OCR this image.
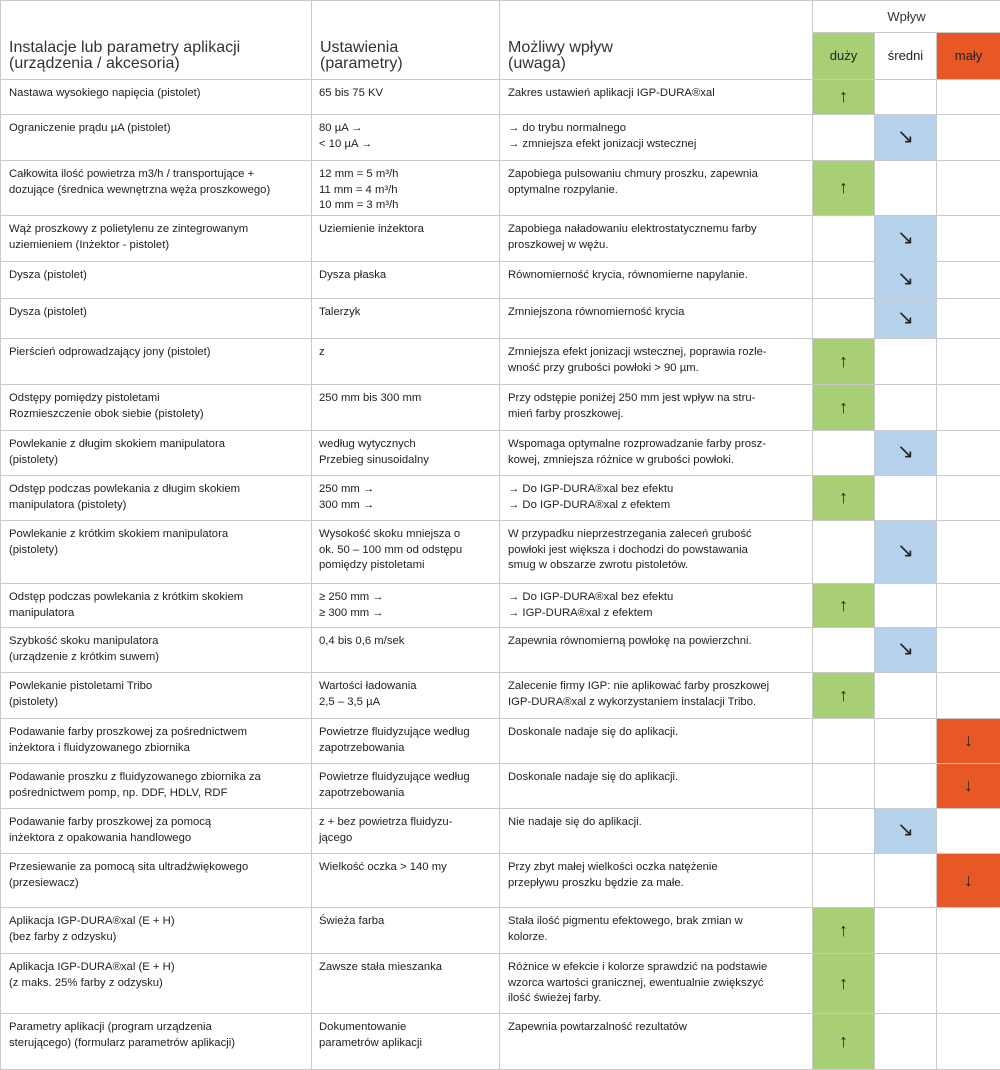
Instalacje lub parametry aplikacji
(urządzenia / akcesoria)	Ustawienia
(parametry)	Możliwy wpływ
(uwaga)	Wpływ		
			duży	średni	mały

Nastawa wysokiego napięcia (pistolet)	65 bis 75 KV	Zakres ustawień aplikacji IGP-DURA®xal	↑		

Ograniczenie prądu µA (pistolet)	80 µA →
< 10 µA →	→ do trybu normalnego
→ zmniejsza efekt jonizacji wstecznej		↘	

Całkowita ilość powietrza m3/h / transportujące +
dozujące (średnica wewnętrzna węża proszkowego)	12 mm = 5 m³/h
11 mm = 4 m³/h
10 mm = 3 m³/h	Zapobiega pulsowaniu chmury proszku, zapewnia
optymalne rozpylanie.	↑		

Wąż proszkowy z polietylenu ze zintegrowanym
uziemieniem (Inżektor - pistolet)	Uziemienie inżektora	Zapobiega naładowaniu elektrostatycznemu farby
proszkowej w wężu.		↘	

Dysza (pistolet)	Dysza płaska	Równomierność krycia, równomierne napylanie.		↘	

Dysza (pistolet)	Talerzyk	Zmniejszona równomierność krycia		↘	

Pierścień odprowadzający jony (pistolet)	z	Zmniejsza efekt jonizacji wstecznej, poprawia rozle-
wność przy grubości powłoki > 90 µm.	↑		

Odstępy pomiędzy pistoletami
Rozmieszczenie obok siebie (pistolety)	250 mm bis 300 mm	Przy odstępie poniżej 250 mm jest wpływ na stru-
mień farby proszkowej.	↑		

Powlekanie z długim skokiem manipulatora
(pistolety)	według wytycznych
Przebieg sinusoidalny	Wspomaga optymalne rozprowadzanie farby prosz-
kowej, zmniejsza różnice w grubości powłoki.		↘	

Odstęp podczas powlekania z długim skokiem
manipulatora (pistolety)	250 mm →
300 mm →	→ Do IGP-DURA®xal bez efektu
→ Do IGP-DURA®xal z efektem	↑		

Powlekanie z krótkim skokiem manipulatora
(pistolety)	Wysokość skoku mniejsza o
ok. 50 – 100 mm od odstępu
pomiędzy pistoletami	W przypadku nieprzestrzegania zaleceń grubość
powłoki jest większa i dochodzi do powstawania
smug w obszarze zwrotu pistoletów.		↘	

Odstęp podczas powlekania z krótkim skokiem
manipulatora	≥ 250 mm →
≥ 300 mm →	→ Do IGP-DURA®xal bez efektu
→ IGP-DURA®xal z efektem	↑		

Szybkość skoku manipulatora
(urządzenie z krótkim suwem)	0,4 bis 0,6 m/sek	Zapewnia równomierną powłokę na powierzchni.		↘	

Powlekanie pistoletami Tribo
(pistolety)	Wartości ładowania
2,5 – 3,5 µA	Zalecenie firmy IGP: nie aplikować farby proszkowej
IGP-DURA®xal z wykorzystaniem instalacji Tribo.	↑		

Podawanie farby proszkowej za pośrednictwem
inżektora i fluidyzowanego zbiornika	Powietrze fluidyzujące według
zapotrzebowania	Doskonale nadaje się do aplikacji.			↓

Podawanie proszku z fluidyzowanego zbiornika za
pośrednictwem pomp, np. DDF, HDLV, RDF	Powietrze fluidyzujące według
zapotrzebowania	Doskonale nadaje się do aplikacji.			↓

Podawanie farby proszkowej za pomocą
inżektora z opakowania handlowego	z + bez powietrza fluidyzu-
jącego	Nie nadaje się do aplikacji.		↘	

Przesiewanie za pomocą sita ultradźwiękowego
(przesiewacz)	Wielkość oczka > 140 my	Przy zbyt małej wielkości oczka natężenie
przepływu proszku będzie za małe.			↓

Aplikacja IGP-DURA®xal (E + H)
(bez farby z odzysku)	Świeża farba	Stała ilość pigmentu efektowego, brak zmian w
kolorze.	↑		

Aplikacja IGP-DURA®xal (E + H)
(z maks. 25% farby z odzysku)	Zawsze stała mieszanka	Różnice w efekcie i kolorze sprawdzić na podstawie
wzorca wartości granicznej, ewentualnie zwiększyć
ilość świeżej farby.	↑		

Parametry aplikacji (program urządzenia
sterującego) (formularz parametrów aplikacji)	Dokumentowanie
parametrów aplikacji	Zapewnia powtarzalność rezultatów	↑		
